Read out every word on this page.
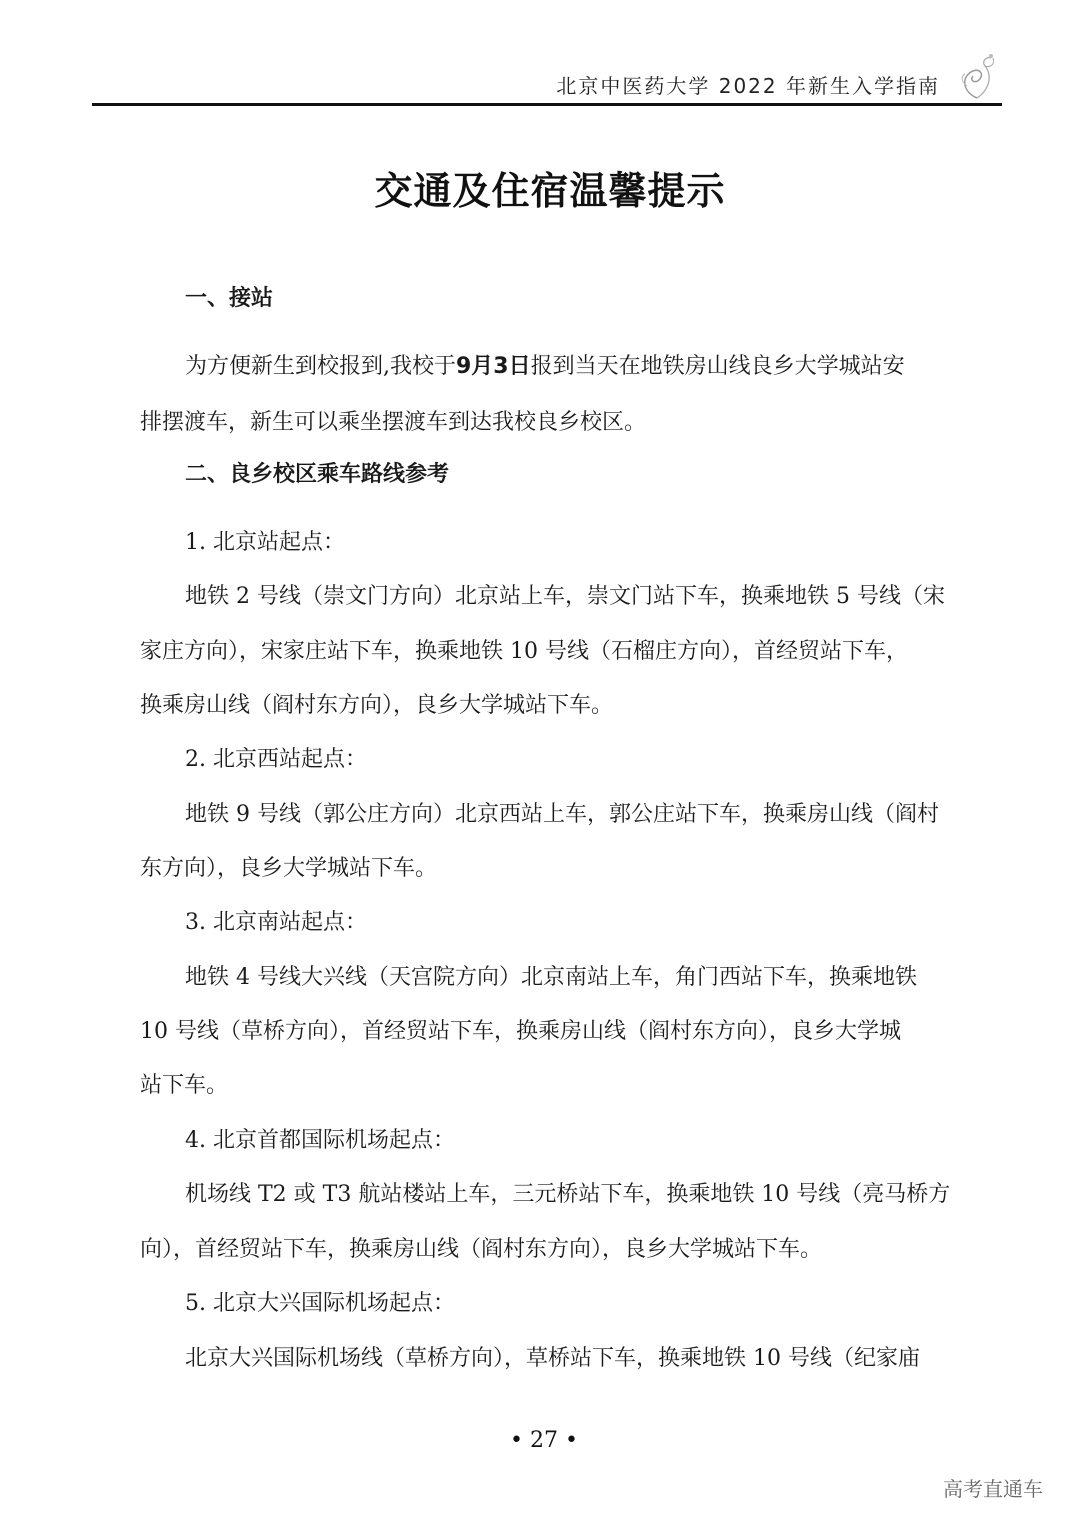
北京中医药大学 2022 年新生入学指南
交通及住宿温馨提示
一、接站
为方便新生到校报到,我校于9月3日报到当天在地铁房山线良乡大学城站安
排摆渡车，新生可以乘坐摆渡车到达我校良乡校区。
二、良乡校区乘车路线参考
1. 北京站起点：
地铁 2 号线（崇文门方向）北京站上车，崇文门站下车，换乘地铁 5 号线（宋
家庄方向），宋家庄站下车，换乘地铁 10 号线（石榴庄方向），首经贸站下车，
换乘房山线（阎村东方向），良乡大学城站下车。
2. 北京西站起点：
地铁 9 号线（郭公庄方向）北京西站上车，郭公庄站下车，换乘房山线（阎村
东方向），良乡大学城站下车。
3. 北京南站起点：
地铁 4 号线大兴线（天宫院方向）北京南站上车，角门西站下车，换乘地铁
10 号线（草桥方向），首经贸站下车，换乘房山线（阎村东方向），良乡大学城
站下车。
4. 北京首都国际机场起点：
机场线 T2 或 T3 航站楼站上车，三元桥站下车，换乘地铁 10 号线（亮马桥方
向），首经贸站下车，换乘房山线（阎村东方向），良乡大学城站下车。
5. 北京大兴国际机场起点：
北京大兴国际机场线（草桥方向），草桥站下车，换乘地铁 10 号线（纪家庙
• 27 •
高考直通车
